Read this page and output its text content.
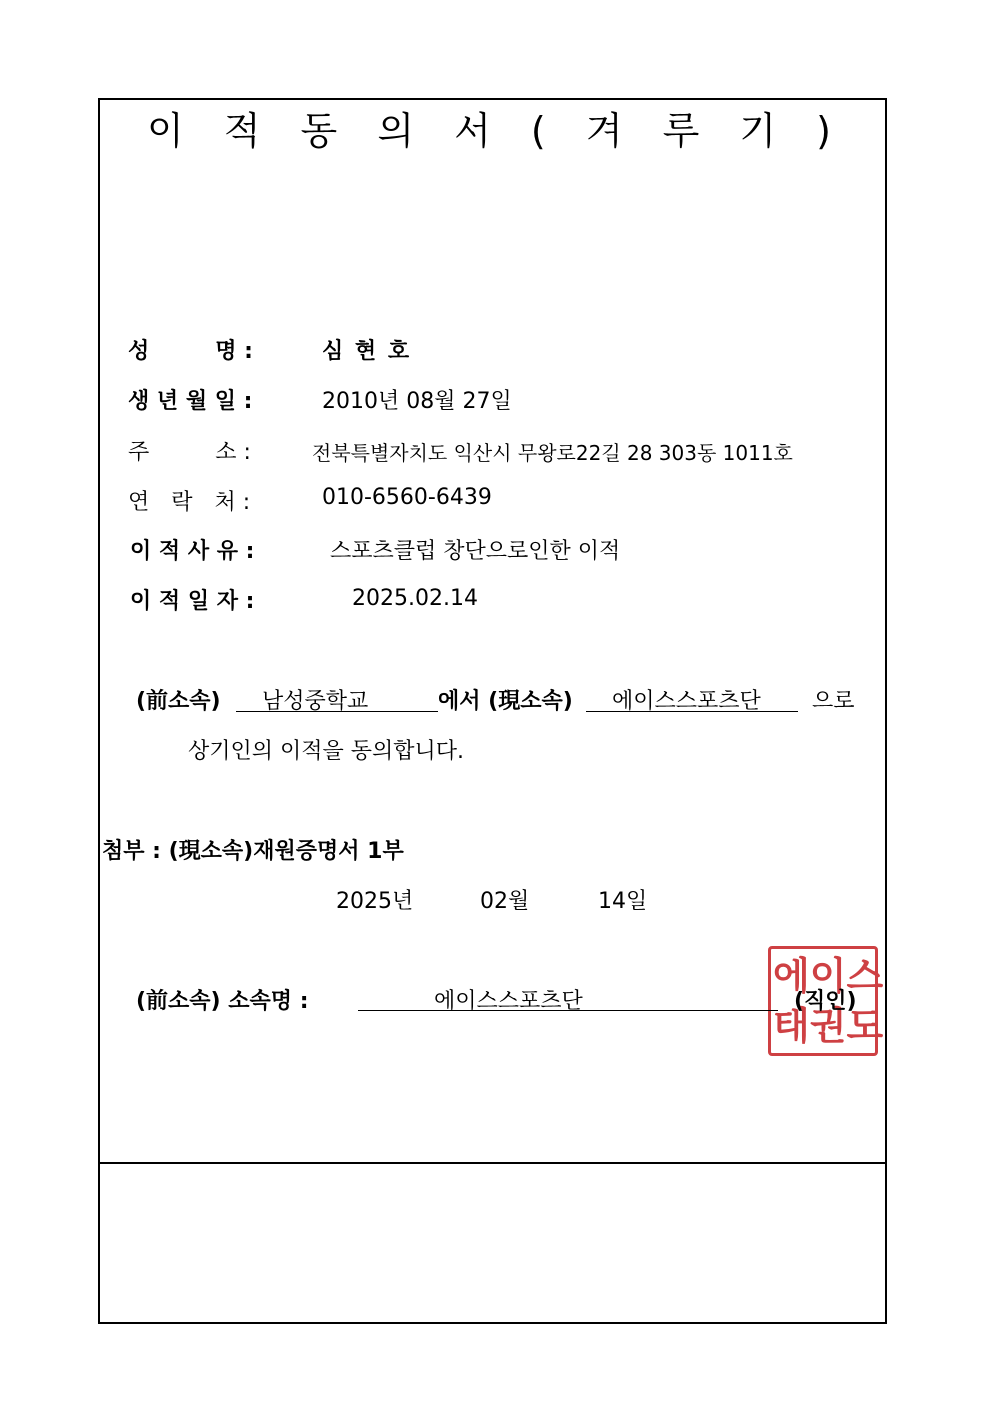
이 적 동 의 서 ( 겨 루 기 )
성　　　명 :	심 현 호
생 년 월 일 :	2010년 08월 27일
주　　　소 :	전북특별자치도 익산시 무왕로22길 28 303동 1011호
연　락　처 :	010-6560-6439
이 적 사 유 :	스포츠클럽 창단으로인한 이적
이 적 일 자 :	2025.02.14
(前소속) 남성중학교	에서 (現소속) 에이스스포츠단 으로
상기인의 이적을 동의합니다.
첨부 : (現소속)재원증명서 1부
2025년	02월	14일
에 이 스
태 권 도
(前소속) 소속명 :	에이스스포츠단	(직인)
